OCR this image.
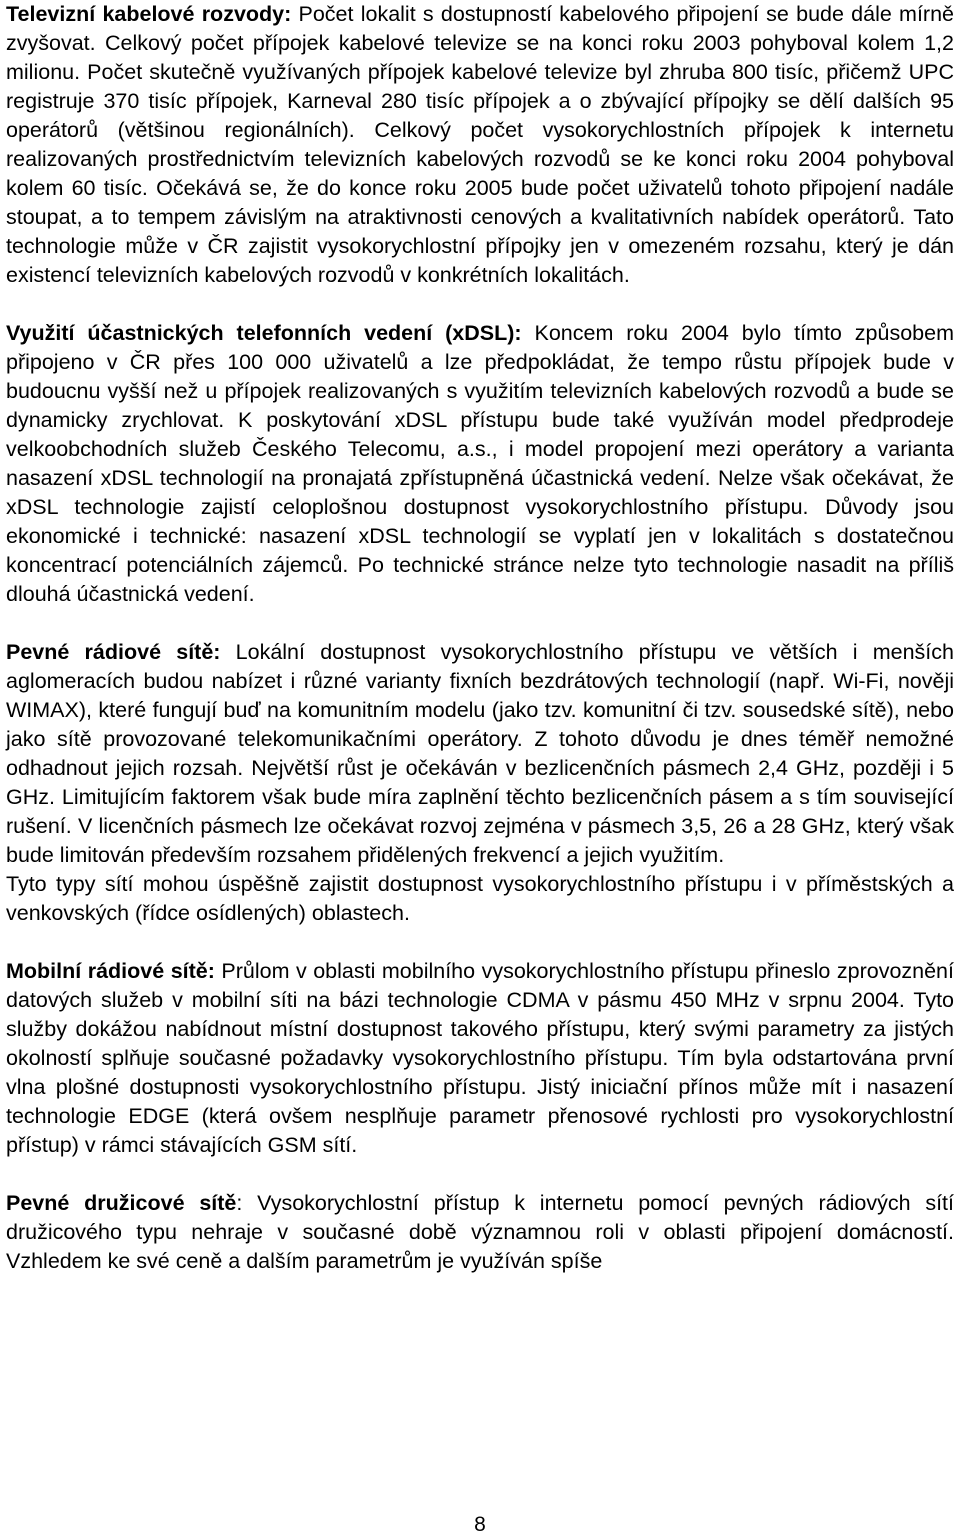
Televizní kabelové rozvody: Počet lokalit s dostupností kabelového připojení se bude dále mírně zvyšovat. Celkový počet přípojek kabelové televize se na konci roku 2003 pohyboval kolem 1,2 milionu. Počet skutečně využívaných přípojek kabelové televize byl zhruba 800 tisíc, přičemž UPC registruje 370 tisíc přípojek, Karneval 280 tisíc přípojek a o zbývající přípojky se dělí dalších 95 operátorů (většinou regionálních). Celkový počet vysokorychlostních přípojek k internetu realizovaných prostřednictvím televizních kabelových rozvodů se ke konci roku 2004 pohyboval kolem 60 tisíc. Očekává se, že do konce roku 2005 bude počet uživatelů tohoto připojení nadále stoupat, a to tempem závislým na atraktivnosti cenových a kvalitativních nabídek operátorů. Tato technologie může v ČR zajistit vysokorychlostní přípojky jen v omezeném rozsahu, který je dán existencí televizních kabelových rozvodů v konkrétních lokalitách.

Využití účastnických telefonních vedení (xDSL): Koncem roku 2004 bylo tímto způsobem připojeno v ČR přes 100 000 uživatelů a lze předpokládat, že tempo růstu přípojek bude v budoucnu vyšší než u přípojek realizovaných s využitím televizních kabelových rozvodů a bude se dynamicky zrychlovat. K poskytování xDSL přístupu bude také využíván model předprodeje velkoobchodních služeb Českého Telecomu, a.s., i model propojení mezi operátory a varianta nasazení xDSL technologií na pronajatá zpřístupněná účastnická vedení. Nelze však očekávat, že xDSL technologie zajistí celoplošnou dostupnost vysokorychlostního přístupu. Důvody jsou ekonomické i technické: nasazení xDSL technologií se vyplatí jen v lokalitách s dostatečnou koncentrací potenciálních zájemců. Po technické stránce nelze tyto technologie nasadit na příliš dlouhá účastnická vedení.

Pevné rádiové sítě: Lokální dostupnost vysokorychlostního přístupu ve větších i menších aglomeracích budou nabízet i různé varianty fixních bezdrátových technologií (např. Wi-Fi, nověji WIMAX), které fungují buď na komunitním modelu (jako tzv. komunitní či tzv. sousedské sítě), nebo jako sítě provozované telekomunikačními operátory. Z tohoto důvodu je dnes téměř nemožné odhadnout jejich rozsah. Největší růst je očekáván v bezlicenčních pásmech 2,4 GHz, později i 5 GHz. Limitujícím faktorem však bude míra zaplnění těchto bezlicenčních pásem a s tím související rušení. V licenčních pásmech lze očekávat rozvoj zejména v pásmech 3,5, 26 a 28 GHz, který však bude limitován především rozsahem přidělených frekvencí a jejich využitím.

Tyto typy sítí mohou úspěšně zajistit dostupnost vysokorychlostního přístupu i v příměstských a venkovských (řídce osídlených) oblastech.

Mobilní rádiové sítě: Průlom v oblasti mobilního vysokorychlostního přístupu přineslo zprovoznění datových služeb v mobilní síti na bázi technologie CDMA v pásmu 450 MHz v srpnu 2004. Tyto služby dokážou nabídnout místní dostupnost takového přístupu, který svými parametry za jistých okolností splňuje současné požadavky vysokorychlostního přístupu. Tím byla odstartována první vlna plošné dostupnosti vysokorychlostního přístupu. Jistý iniciační přínos může mít i nasazení technologie EDGE (která ovšem nesplňuje parametr přenosové rychlosti pro vysokorychlostní přístup) v rámci stávajících GSM sítí.

Pevné družicové sítě: Vysokorychlostní přístup k internetu pomocí pevných rádiových sítí družicového typu nehraje v současné době významnou roli v oblasti připojení domácností. Vzhledem ke své ceně a dalším parametrům je využíván spíše

8
